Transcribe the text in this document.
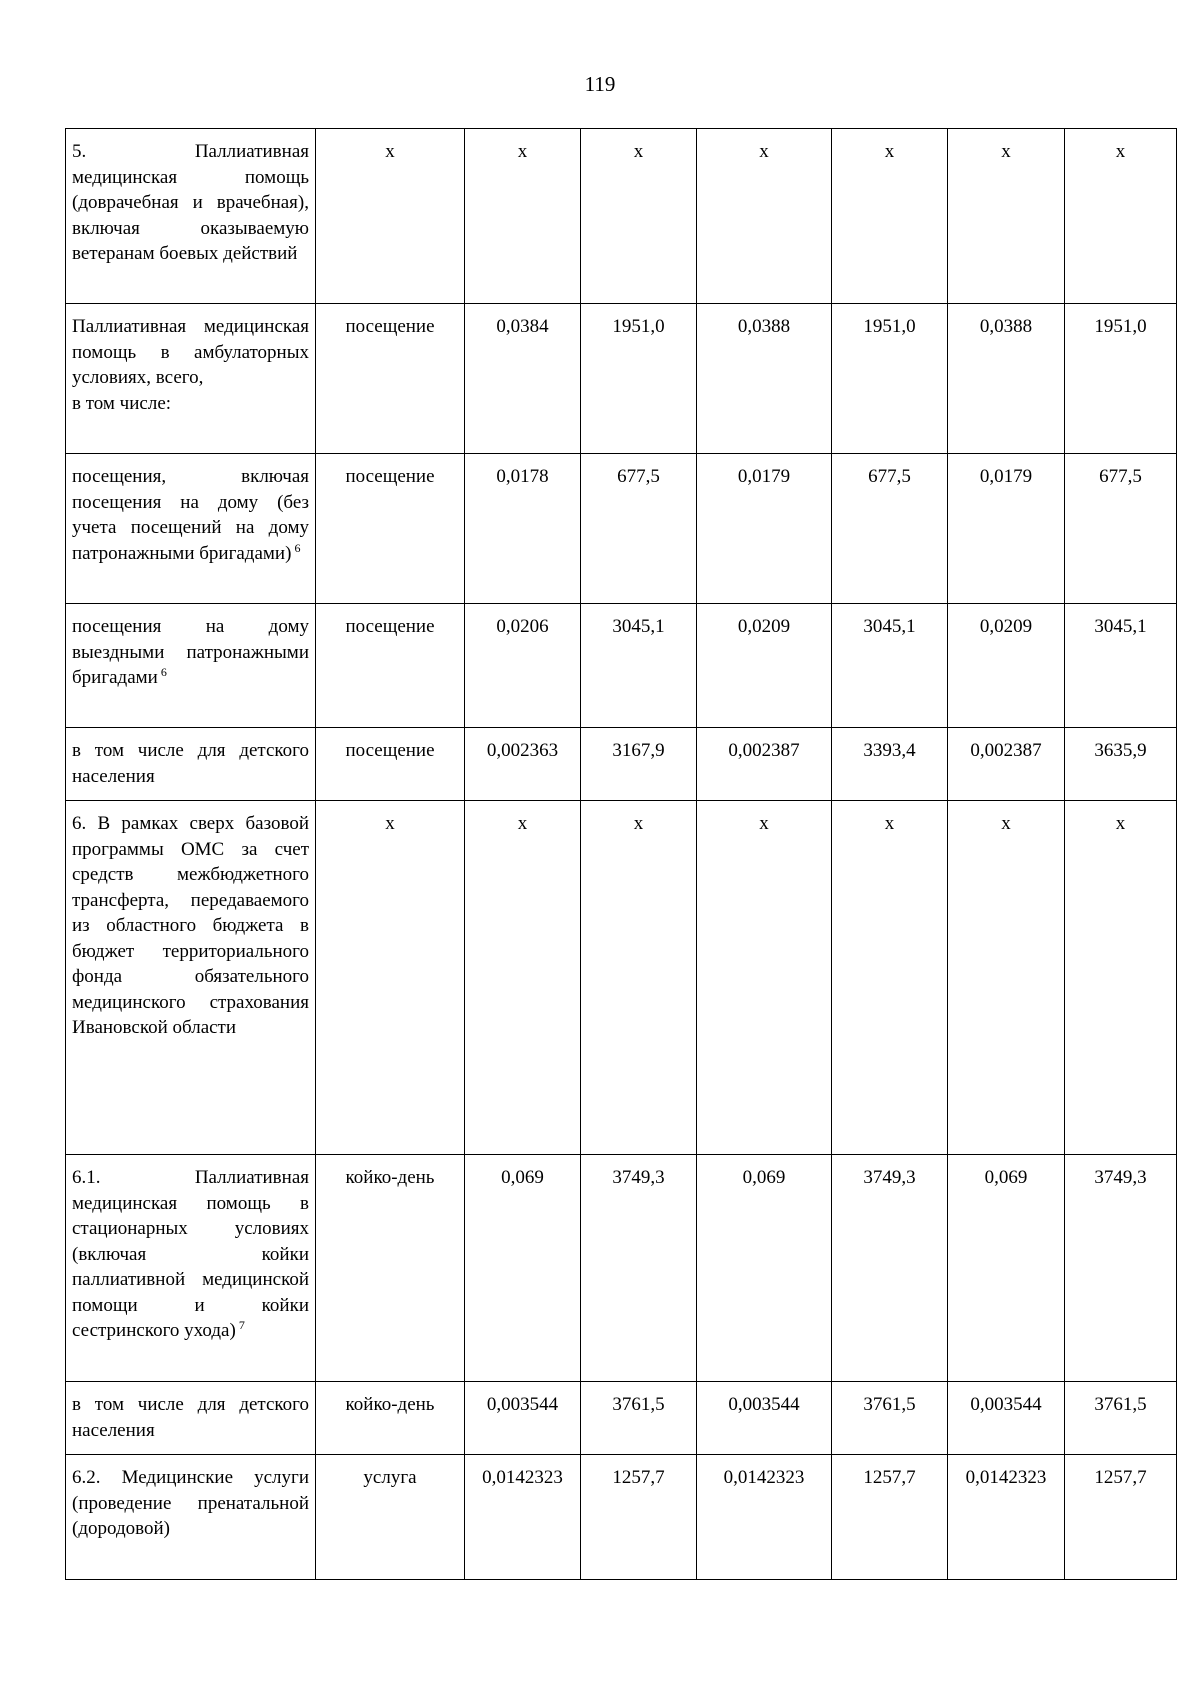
119
5. Паллиативная медицинская помощь (доврачебная и врачебная), включая оказываемую ветеранам боевых действий	х	х	х	х	х	х	х
Паллиативная медицинская помощь в амбулаторных условиях, всего,
в том числе:	посещение	0,0384	1951,0	0,0388	1951,0	0,0388	1951,0
посещения, включая посещения на дому (без учета посещений на дому патронажными бригадами) $^6$	посещение	0,0178	677,5	0,0179	677,5	0,0179	677,5
посещения на дому выездными патронажными бригадами $^6$	посещение	0,0206	3045,1	0,0209	3045,1	0,0209	3045,1
в том числе для детского населения	посещение	0,002363	3167,9	0,002387	3393,4	0,002387	3635,9
6. В рамках сверх базовой программы ОМС за счет средств межбюджетного трансферта, передаваемого из областного бюджета в бюджет территориального фонда обязательного медицинского страхования Ивановской области	х	х	х	х	х	х	х
6.1. Паллиативная медицинская помощь в стационарных условиях (включая койки паллиативной медицинской помощи и койки сестринского ухода) $^7$	койко-день	0,069	3749,3	0,069	3749,3	0,069	3749,3
в том числе для детского населения	койко-день	0,003544	3761,5	0,003544	3761,5	0,003544	3761,5
6.2. Медицинские услуги (проведение пренатальной (дородовой)	услуга	0,0142323	1257,7	0,0142323	1257,7	0,0142323	1257,7
